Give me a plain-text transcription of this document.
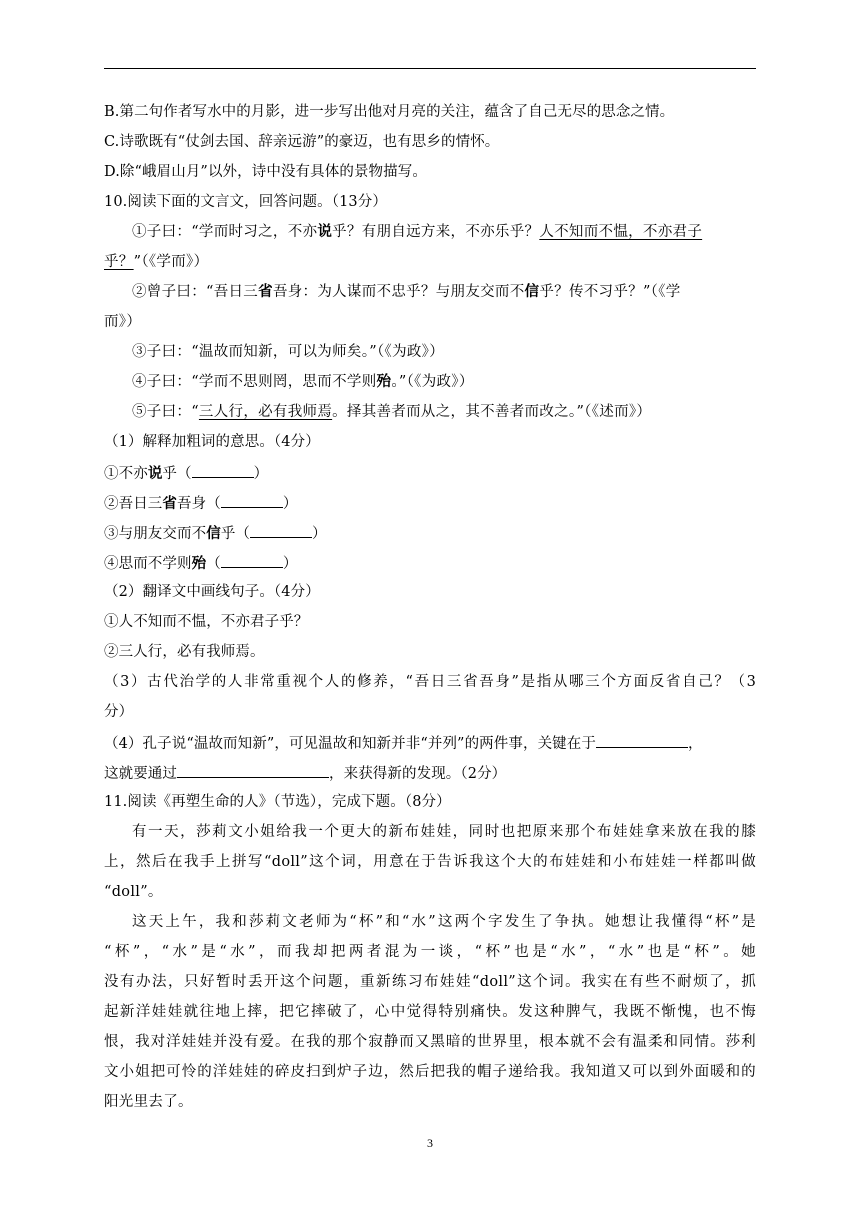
B.第二句作者写水中的月影，进一步写出他对月亮的关注，蕴含了自己无尽的思念之情。
C.诗歌既有“仗剑去国、辞亲远游”的豪迈，也有思乡的情怀。
D.除“峨眉山月”以外，诗中没有具体的景物描写。
10.阅读下面的文言文，回答问题。（13分）
①子曰：“学而时习之，不亦说乎？有朋自远方来，不亦乐乎？人不知而不愠，不亦君子
乎？”（《学而》）
②曾子曰：“吾日三省吾身：为人谋而不忠乎？与朋友交而不信乎？传不习乎？”（《学
而》）
③子曰：“温故而知新，可以为师矣。”（《为政》）
④子曰：“学而不思则罔，思而不学则殆。”（《为政》）
⑤子曰：“三人行，必有我师焉。择其善者而从之，其不善者而改之。”（《述而》）
（1）解释加粗词的意思。（4分）
①不亦说乎（	）
②吾日三省吾身（	）
③与朋友交而不信乎（	）
④思而不学则殆（	）
（2）翻译文中画线句子。（4分）
①人不知而不愠，不亦君子乎？
②三人行，必有我师焉。
（3）古代治学的人非常重视个人的修养，“吾日三省吾身”是指从哪三个方面反省自己？（3
分）
（4）孔子说“温故而知新”，可见温故和知新并非“并列”的两件事，关键在于	，
这就要通过	，来获得新的发现。（2分）
11.阅读《再塑生命的人》（节选），完成下题。（8分）
有一天，莎莉文小姐给我一个更大的新布娃娃，同时也把原来那个布娃娃拿来放在我的膝
上，然后在我手上拼写“doll”这个词，用意在于告诉我这个大的布娃娃和小布娃娃一样都叫做
“doll”。
这天上午，我和莎莉文老师为“杯”和“水”这两个字发生了争执。她想让我懂得“杯”是
“杯”，“水”是“水”，而我却把两者混为一谈，“杯”也是“水”，“水”也是“杯”。她
没有办法，只好暂时丢开这个问题，重新练习布娃娃“doll”这个词。我实在有些不耐烦了，抓
起新洋娃娃就往地上摔，把它摔破了，心中觉得特别痛快。发这种脾气，我既不惭愧，也不悔
恨，我对洋娃娃并没有爱。在我的那个寂静而又黑暗的世界里，根本就不会有温柔和同情。莎利
文小姐把可怜的洋娃娃的碎皮扫到炉子边，然后把我的帽子递给我。我知道又可以到外面暖和的
阳光里去了。
3
